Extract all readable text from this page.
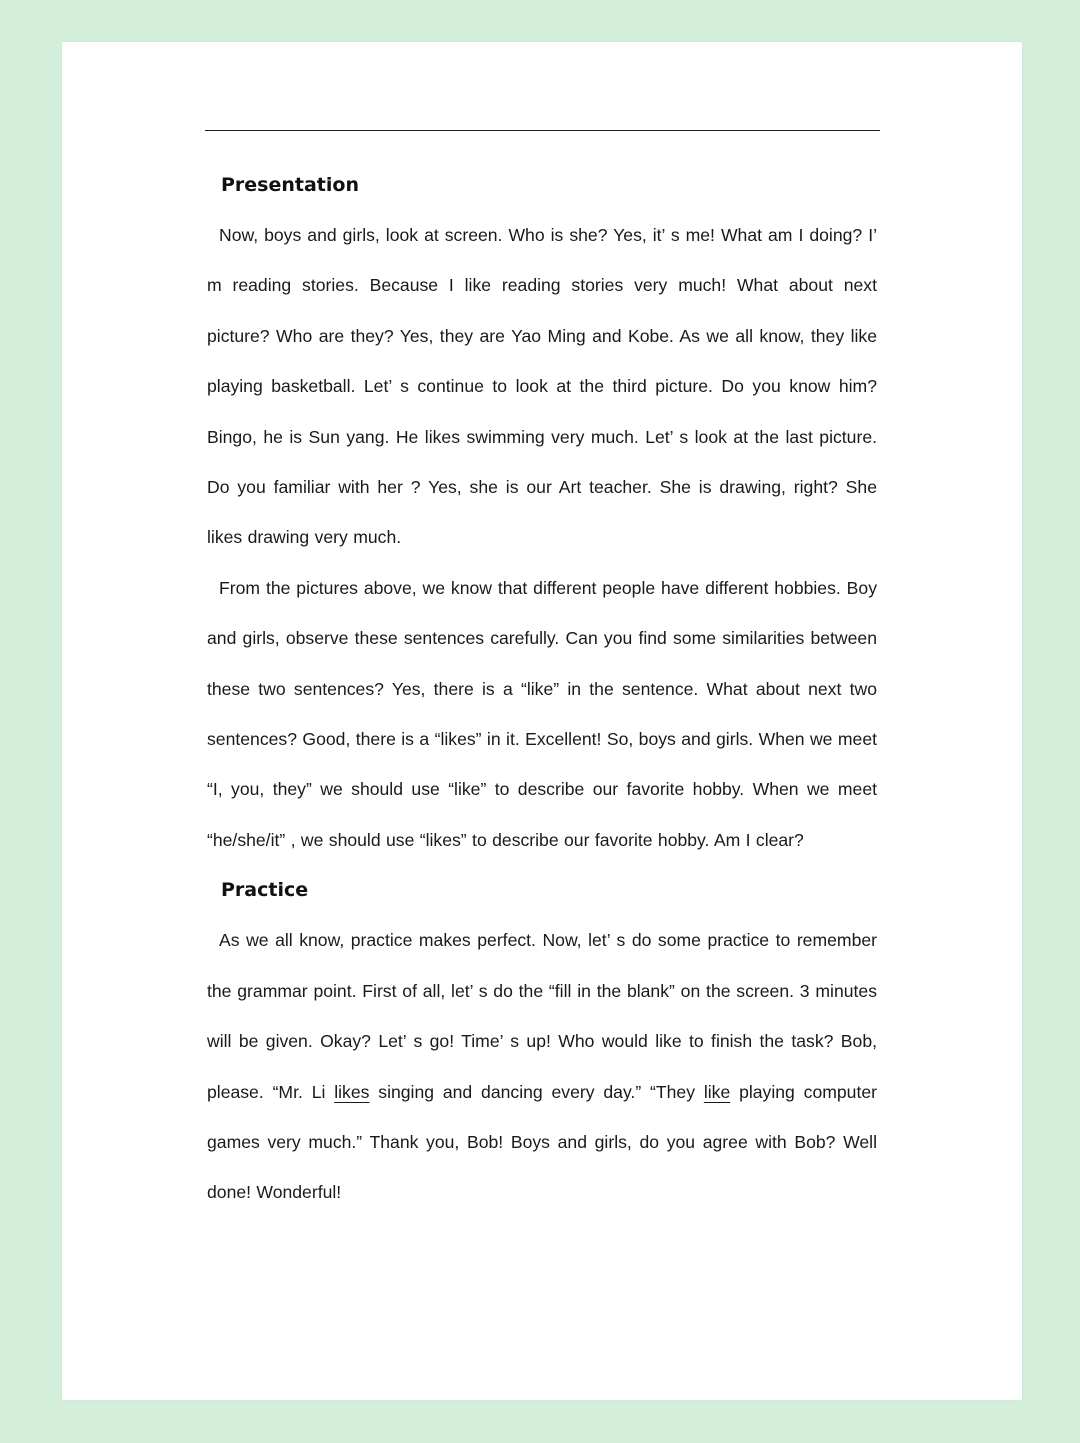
Presentation

Now, boys and girls, look at screen. Who is she? Yes, it’ s me! What am I doing? I’ m reading stories. Because I like reading stories very much! What about next picture? Who are they? Yes, they are Yao Ming and Kobe. As we all know, they like playing basketball. Let’ s continue to look at the third picture. Do you know him? Bingo, he is Sun yang. He likes swimming very much. Let’ s look at the last picture. Do you familiar with her ? Yes, she is our Art teacher. She is drawing, right? She likes drawing very much.

From the pictures above, we know that different people have different hobbies. Boy and girls, observe these sentences carefully. Can you find some similarities between these two sentences? Yes, there is a “like” in the sentence. What about next two sentences? Good, there is a “likes” in it. Excellent! So, boys and girls. When we meet “I, you, they” we should use “like” to describe our favorite hobby. When we meet “he/she/it” , we should use “likes” to describe our favorite hobby. Am I clear?

Practice

As we all know, practice makes perfect. Now, let’ s do some practice to remember the grammar point. First of all, let’ s do the “fill in the blank” on the screen. 3 minutes will be given. Okay? Let’ s go! Time’ s up! Who would like to finish the task? Bob, please. “Mr. Li likes singing and dancing every day.” “They like playing computer games very much.” Thank you, Bob! Boys and girls, do you agree with Bob? Well done! Wonderful!
